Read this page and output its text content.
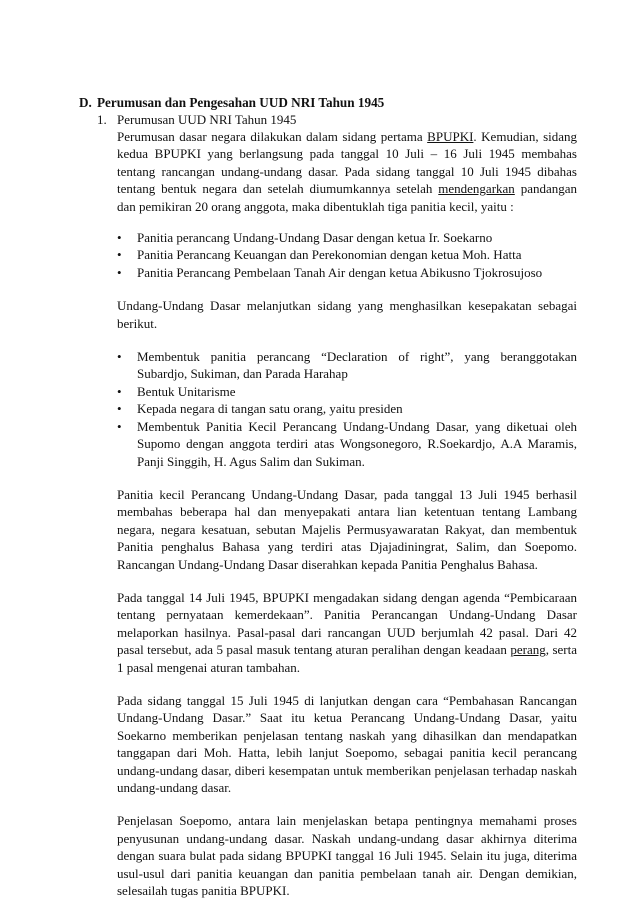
D. Perumusan dan Pengesahan UUD NRI Tahun 1945
1. Perumusan UUD NRI Tahun 1945

Perumusan dasar negara dilakukan dalam sidang pertama BPUPKI. Kemudian, sidang kedua BPUPKI yang berlangsung pada tanggal 10 Juli – 16 Juli 1945 membahas tentang rancangan undang-undang dasar. Pada sidang tanggal 10 Juli 1945 dibahas tentang bentuk negara dan setelah diumumkannya setelah mendengarkan pandangan dan pemikiran 20 orang anggota, maka dibentuklah tiga panitia kecil, yaitu :

• Panitia perancang Undang-Undang Dasar dengan ketua Ir. Soekarno
• Panitia Perancang Keuangan dan Perekonomian dengan ketua Moh. Hatta
• Panitia Perancang Pembelaan Tanah Air dengan ketua Abikusno Tjokrosujoso

Undang-Undang Dasar melanjutkan sidang yang menghasilkan kesepakatan sebagai berikut.

• Membentuk panitia perancang “Declaration of right”, yang beranggotakan Subardjo, Sukiman, dan Parada Harahap
• Bentuk Unitarisme
• Kepada negara di tangan satu orang, yaitu presiden
• Membentuk Panitia Kecil Perancang Undang-Undang Dasar, yang diketuai oleh Supomo dengan anggota terdiri atas Wongsonegoro, R.Soekardjo, A.A Maramis, Panji Singgih, H. Agus Salim dan Sukiman.

Panitia kecil Perancang Undang-Undang Dasar, pada tanggal 13 Juli 1945 berhasil membahas beberapa hal dan menyepakati antara lian ketentuan tentang Lambang negara, negara kesatuan, sebutan Majelis Permusyawaratan Rakyat, dan membentuk Panitia penghalus Bahasa yang terdiri atas Djajadiningrat, Salim, dan Soepomo. Rancangan Undang-Undang Dasar diserahkan kepada Panitia Penghalus Bahasa.

Pada tanggal 14 Juli 1945, BPUPKI mengadakan sidang dengan agenda “Pembicaraan tentang pernyataan kemerdekaan”. Panitia Perancangan Undang-Undang Dasar melaporkan hasilnya. Pasal-pasal dari rancangan UUD berjumlah 42 pasal. Dari 42 pasal tersebut, ada 5 pasal masuk tentang aturan peralihan dengan keadaan perang, serta 1 pasal mengenai aturan tambahan.

Pada sidang tanggal 15 Juli 1945 di lanjutkan dengan cara “Pembahasan Rancangan Undang-Undang Dasar.” Saat itu ketua Perancang Undang-Undang Dasar, yaitu Soekarno memberikan penjelasan tentang naskah yang dihasilkan dan mendapatkan tanggapan dari Moh. Hatta, lebih lanjut Soepomo, sebagai panitia kecil perancang undang-undang dasar, diberi kesempatan untuk memberikan penjelasan terhadap naskah undang-undang dasar.

Penjelasan Soepomo, antara lain menjelaskan betapa pentingnya memahami proses penyusunan undang-undang dasar. Naskah undang-undang dasar akhirnya diterima dengan suara bulat pada sidang BPUPKI tanggal 16 Juli 1945. Selain itu juga, diterima usul-usul dari panitia keuangan dan panitia pembelaan tanah air. Dengan demikian, selesailah tugas panitia BPUPKI.
